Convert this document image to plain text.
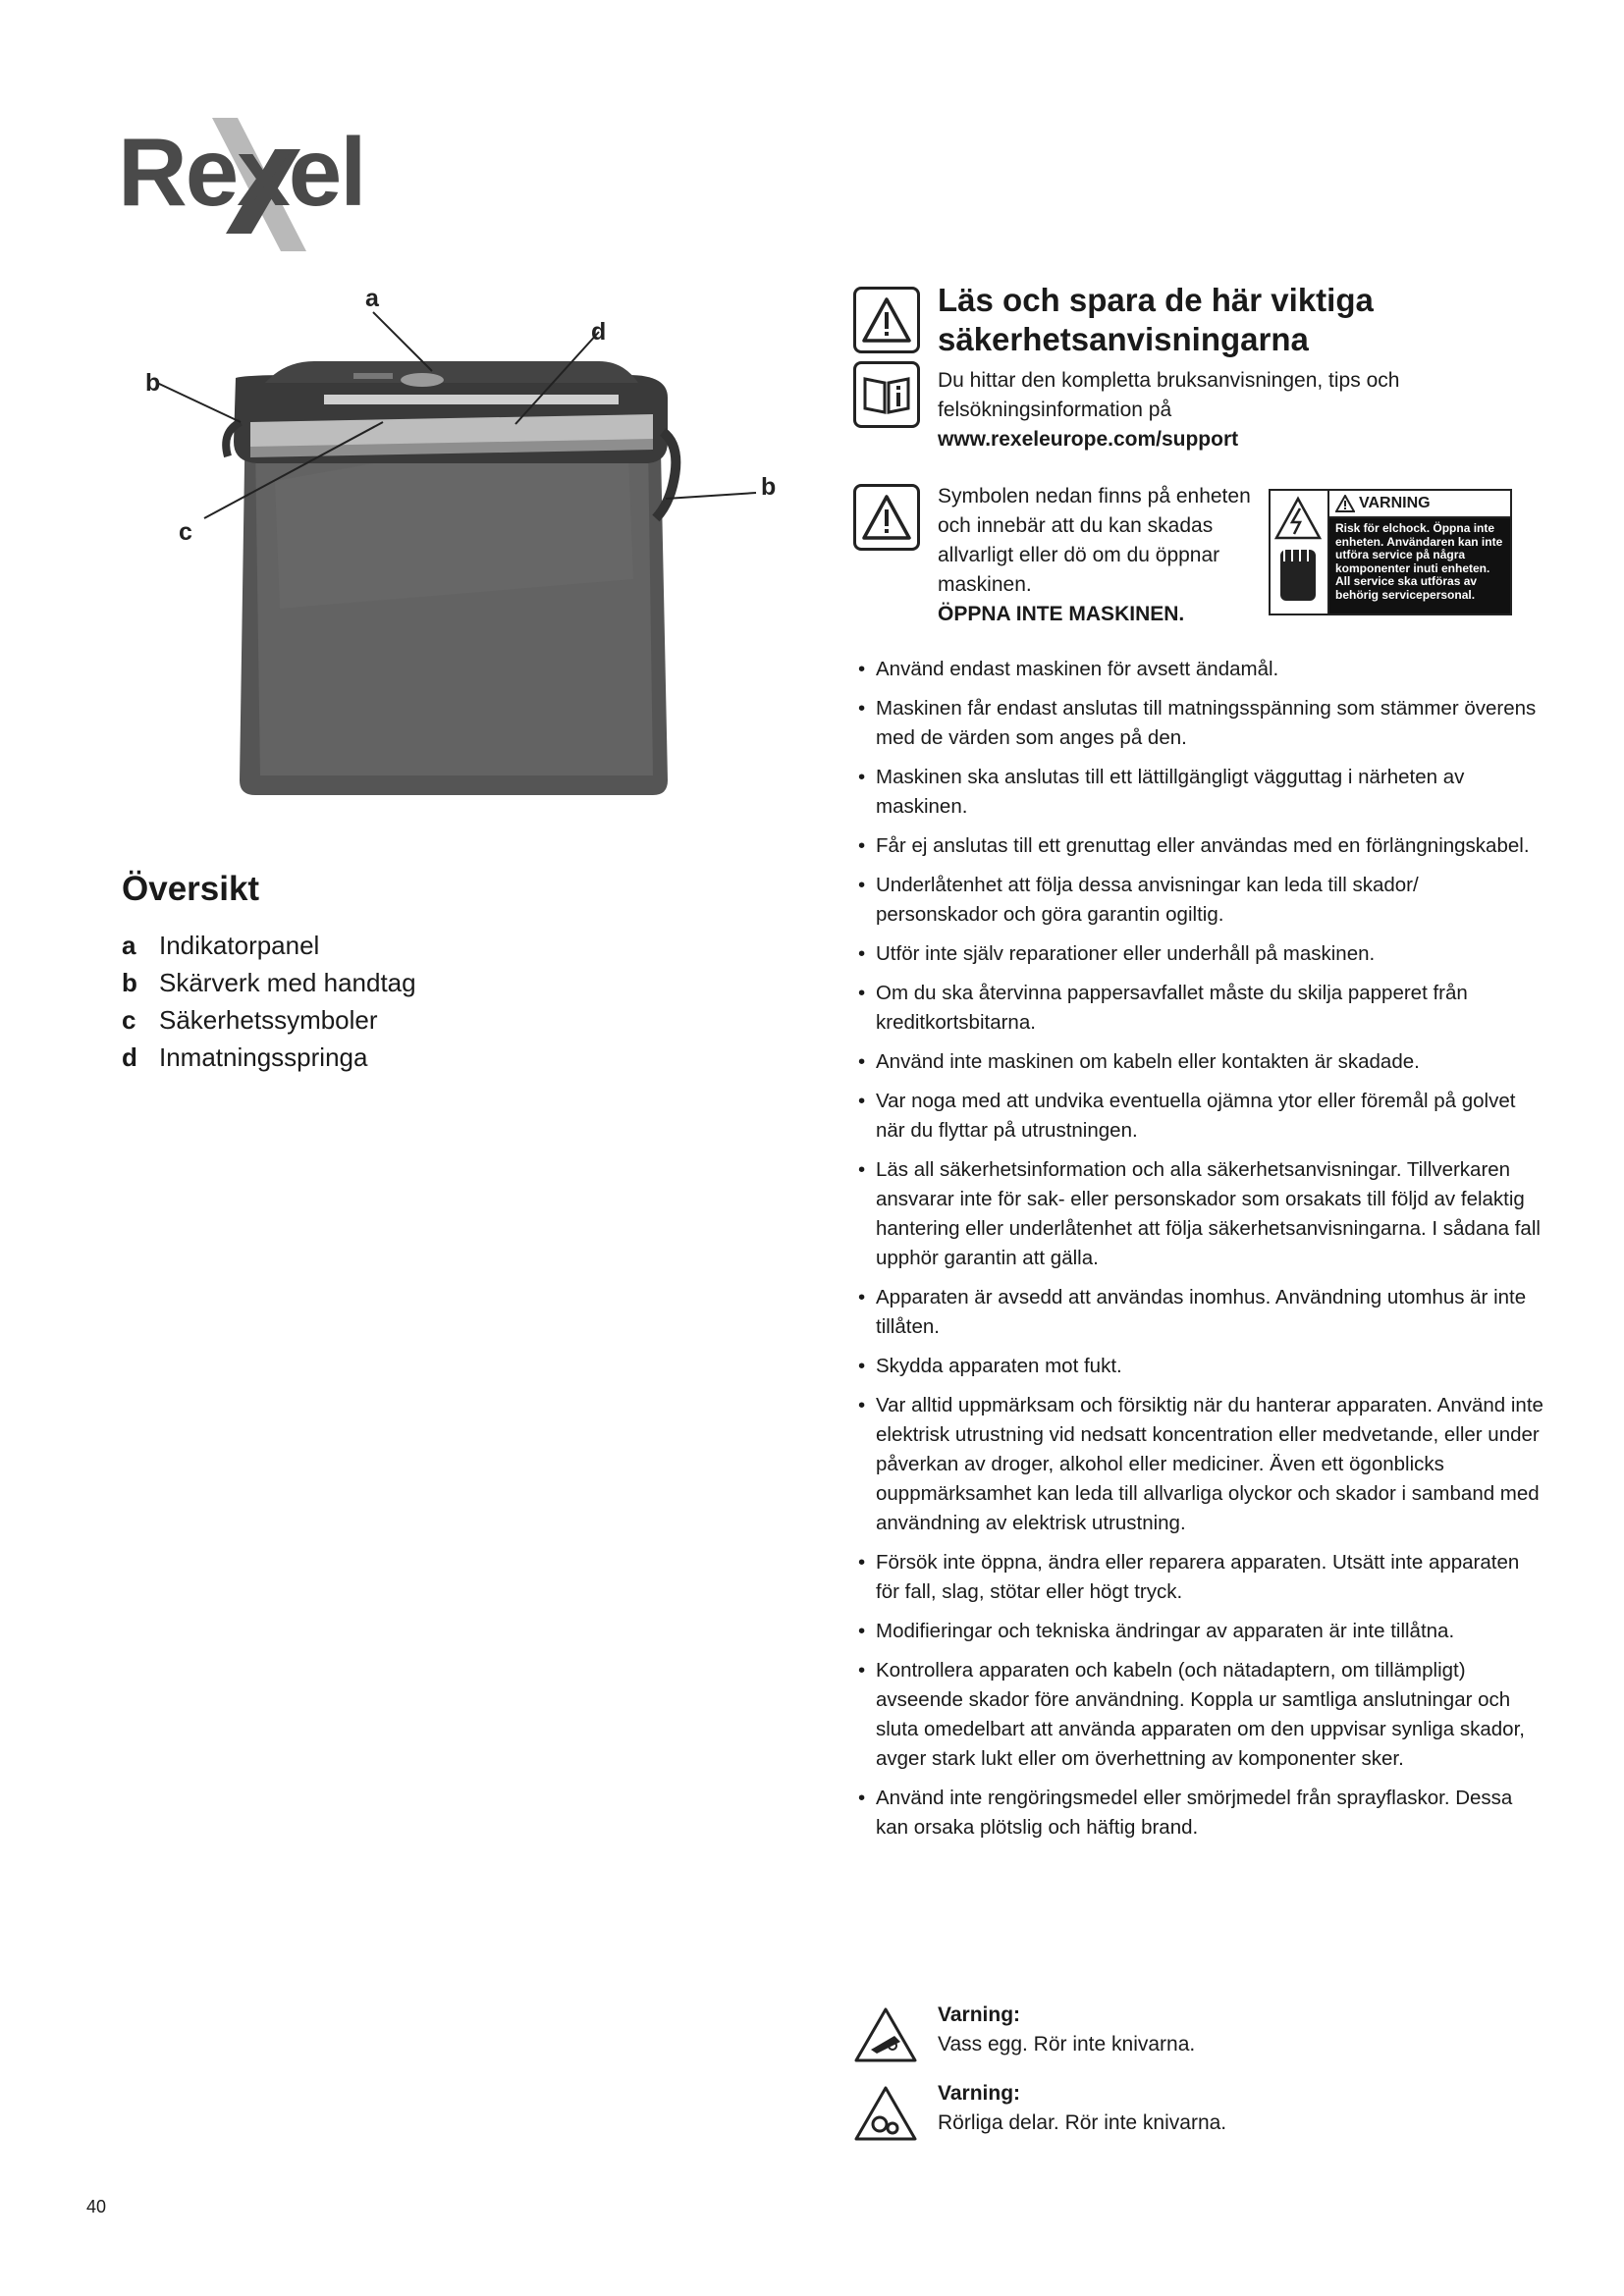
Rexel
a
d
b
b
c
Översikt
a Indikatorpanel
b Skärverk med handtag
c Säkerhetssymboler
d Inmatningsspringa
Läs och spara de här viktiga säkerhetsanvisningarna
Du hittar den kompletta bruksanvisningen, tips och felsökningsinformation på
www.rexeleurope.com/support
Symbolen nedan finns på enheten och innebär att du kan skadas allvarligt eller dö om du öppnar maskinen.
ÖPPNA INTE MASKINEN.
VARNING
Risk för elchock. Öppna inte enheten. Användaren kan inte utföra service på några komponenter inuti enheten. All service ska utföras av behörig servicepersonal.
• Använd endast maskinen för avsett ändamål.
• Maskinen får endast anslutas till matningsspänning som stämmer överens med de värden som anges på den.
• Maskinen ska anslutas till ett lättillgängligt vägguttag i närheten av maskinen.
• Får ej anslutas till ett grenuttag eller användas med en förlängningskabel.
• Underlåtenhet att följa dessa anvisningar kan leda till skador/ personskador och göra garantin ogiltig.
• Utför inte själv reparationer eller underhåll på maskinen.
• Om du ska återvinna pappersavfallet måste du skilja papperet från kreditkortsbitarna.
• Använd inte maskinen om kabeln eller kontakten är skadade.
• Var noga med att undvika eventuella ojämna ytor eller föremål på golvet när du flyttar på utrustningen.
• Läs all säkerhetsinformation och alla säkerhetsanvisningar. Tillverkaren ansvarar inte för sak- eller personskador som orsakats till följd av felaktig hantering eller underlåtenhet att följa säkerhetsanvisningarna. I sådana fall upphör garantin att gälla.
• Apparaten är avsedd att användas inomhus. Användning utomhus är inte tillåten.
• Skydda apparaten mot fukt.
• Var alltid uppmärksam och försiktig när du hanterar apparaten. Använd inte elektrisk utrustning vid nedsatt koncentration eller medvetande, eller under påverkan av droger, alkohol eller mediciner. Även ett ögonblicks ouppmärksamhet kan leda till allvarliga olyckor och skador i samband med användning av elektrisk utrustning.
• Försök inte öppna, ändra eller reparera apparaten. Utsätt inte apparaten för fall, slag, stötar eller högt tryck.
• Modifieringar och tekniska ändringar av apparaten är inte tillåtna.
• Kontrollera apparaten och kabeln (och nätadaptern, om tillämpligt) avseende skador före användning. Koppla ur samtliga anslutningar och sluta omedelbart att använda apparaten om den uppvisar synliga skador, avger stark lukt eller om överhettning av komponenter sker.
• Använd inte rengöringsmedel eller smörjmedel från sprayflaskor. Dessa kan orsaka plötslig och häftig brand.
Varning:
Vass egg. Rör inte knivarna.
Varning:
Rörliga delar. Rör inte knivarna.
40
